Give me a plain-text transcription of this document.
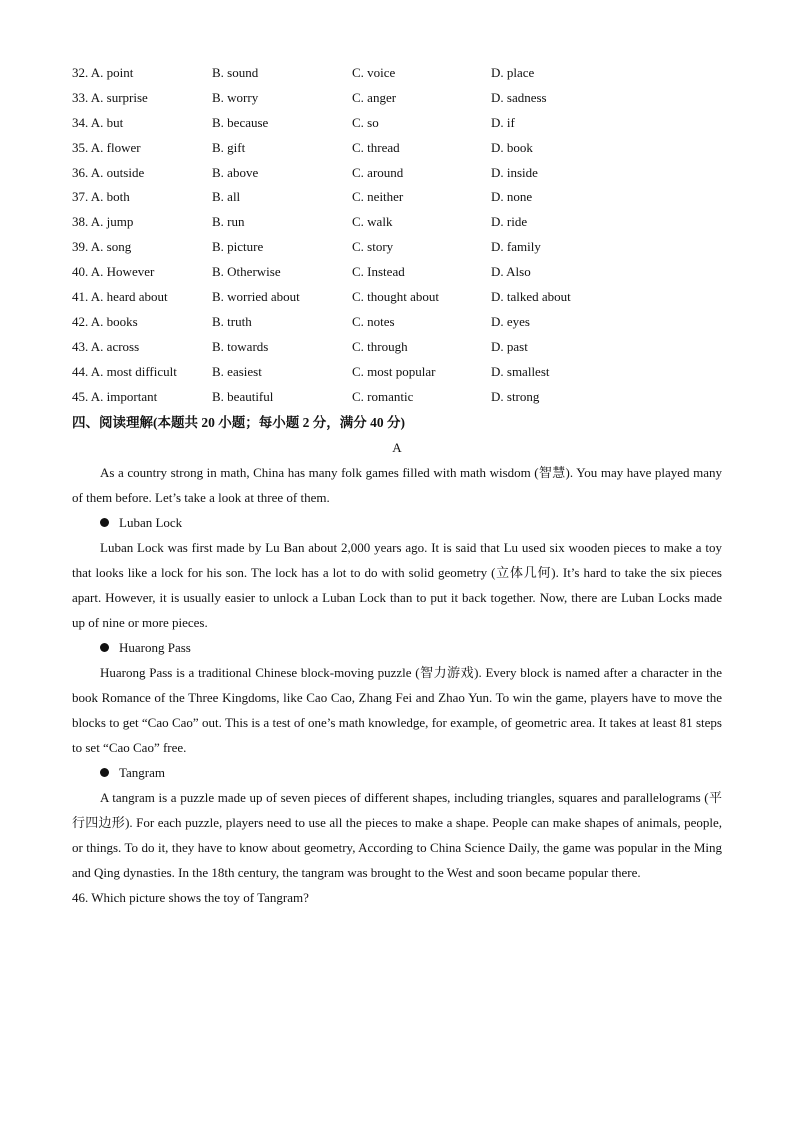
32. A. point	B. sound	C. voice	D. place
33. A. surprise	B. worry	C. anger	D. sadness
34. A. but	B. because	C. so	D. if
35. A. flower	B. gift	C. thread	D. book
36. A. outside	B. above	C. around	D. inside
37. A. both	B. all	C. neither	D. none
38. A. jump	B. run	C. walk	D. ride
39. A. song	B. picture	C. story	D. family
40. A. However	B. Otherwise	C. Instead	D. Also
41. A. heard about	B. worried about	C. thought about	D. talked about
42. A. books	B. truth	C. notes	D. eyes
43. A. across	B. towards	C. through	D. past
44. A. most difficult	B. easiest	C. most popular	D. smallest
45. A. important	B. beautiful	C. romantic	D. strong
四、阅读理解(本题共 20 小题；每小题 2 分，满分 40 分)
A

As a country strong in math, China has many folk games filled with math wisdom (智慧). You may have played many of them before. Let’s take a look at three of them.

Luban Lock

Luban Lock was first made by Lu Ban about 2,000 years ago. It is said that Lu used six wooden pieces to make a toy that looks like a lock for his son. The lock has a lot to do with solid geometry (立体几何). It’s hard to take the six pieces apart. However, it is usually easier to unlock a Luban Lock than to put it back together. Now, there are Luban Locks made up of nine or more pieces.

Huarong Pass

Huarong Pass is a traditional Chinese block-moving puzzle (智力游戏). Every block is named after a character in the book Romance of the Three Kingdoms, like Cao Cao, Zhang Fei and Zhao Yun. To win the game, players have to move the blocks to get “Cao Cao” out. This is a test of one’s math knowledge, for example, of geometric area. It takes at least 81 steps to set “Cao Cao” free.

Tangram

A tangram is a puzzle made up of seven pieces of different shapes, including triangles, squares and parallelograms (平行四边形). For each puzzle, players need to use all the pieces to make a shape. People can make shapes of animals, people, or things. To do it, they have to know about geometry, According to China Science Daily, the game was popular in the Ming and Qing dynasties. In the 18th century, the tangram was brought to the West and soon became popular there.

46. Which picture shows the toy of Tangram?
